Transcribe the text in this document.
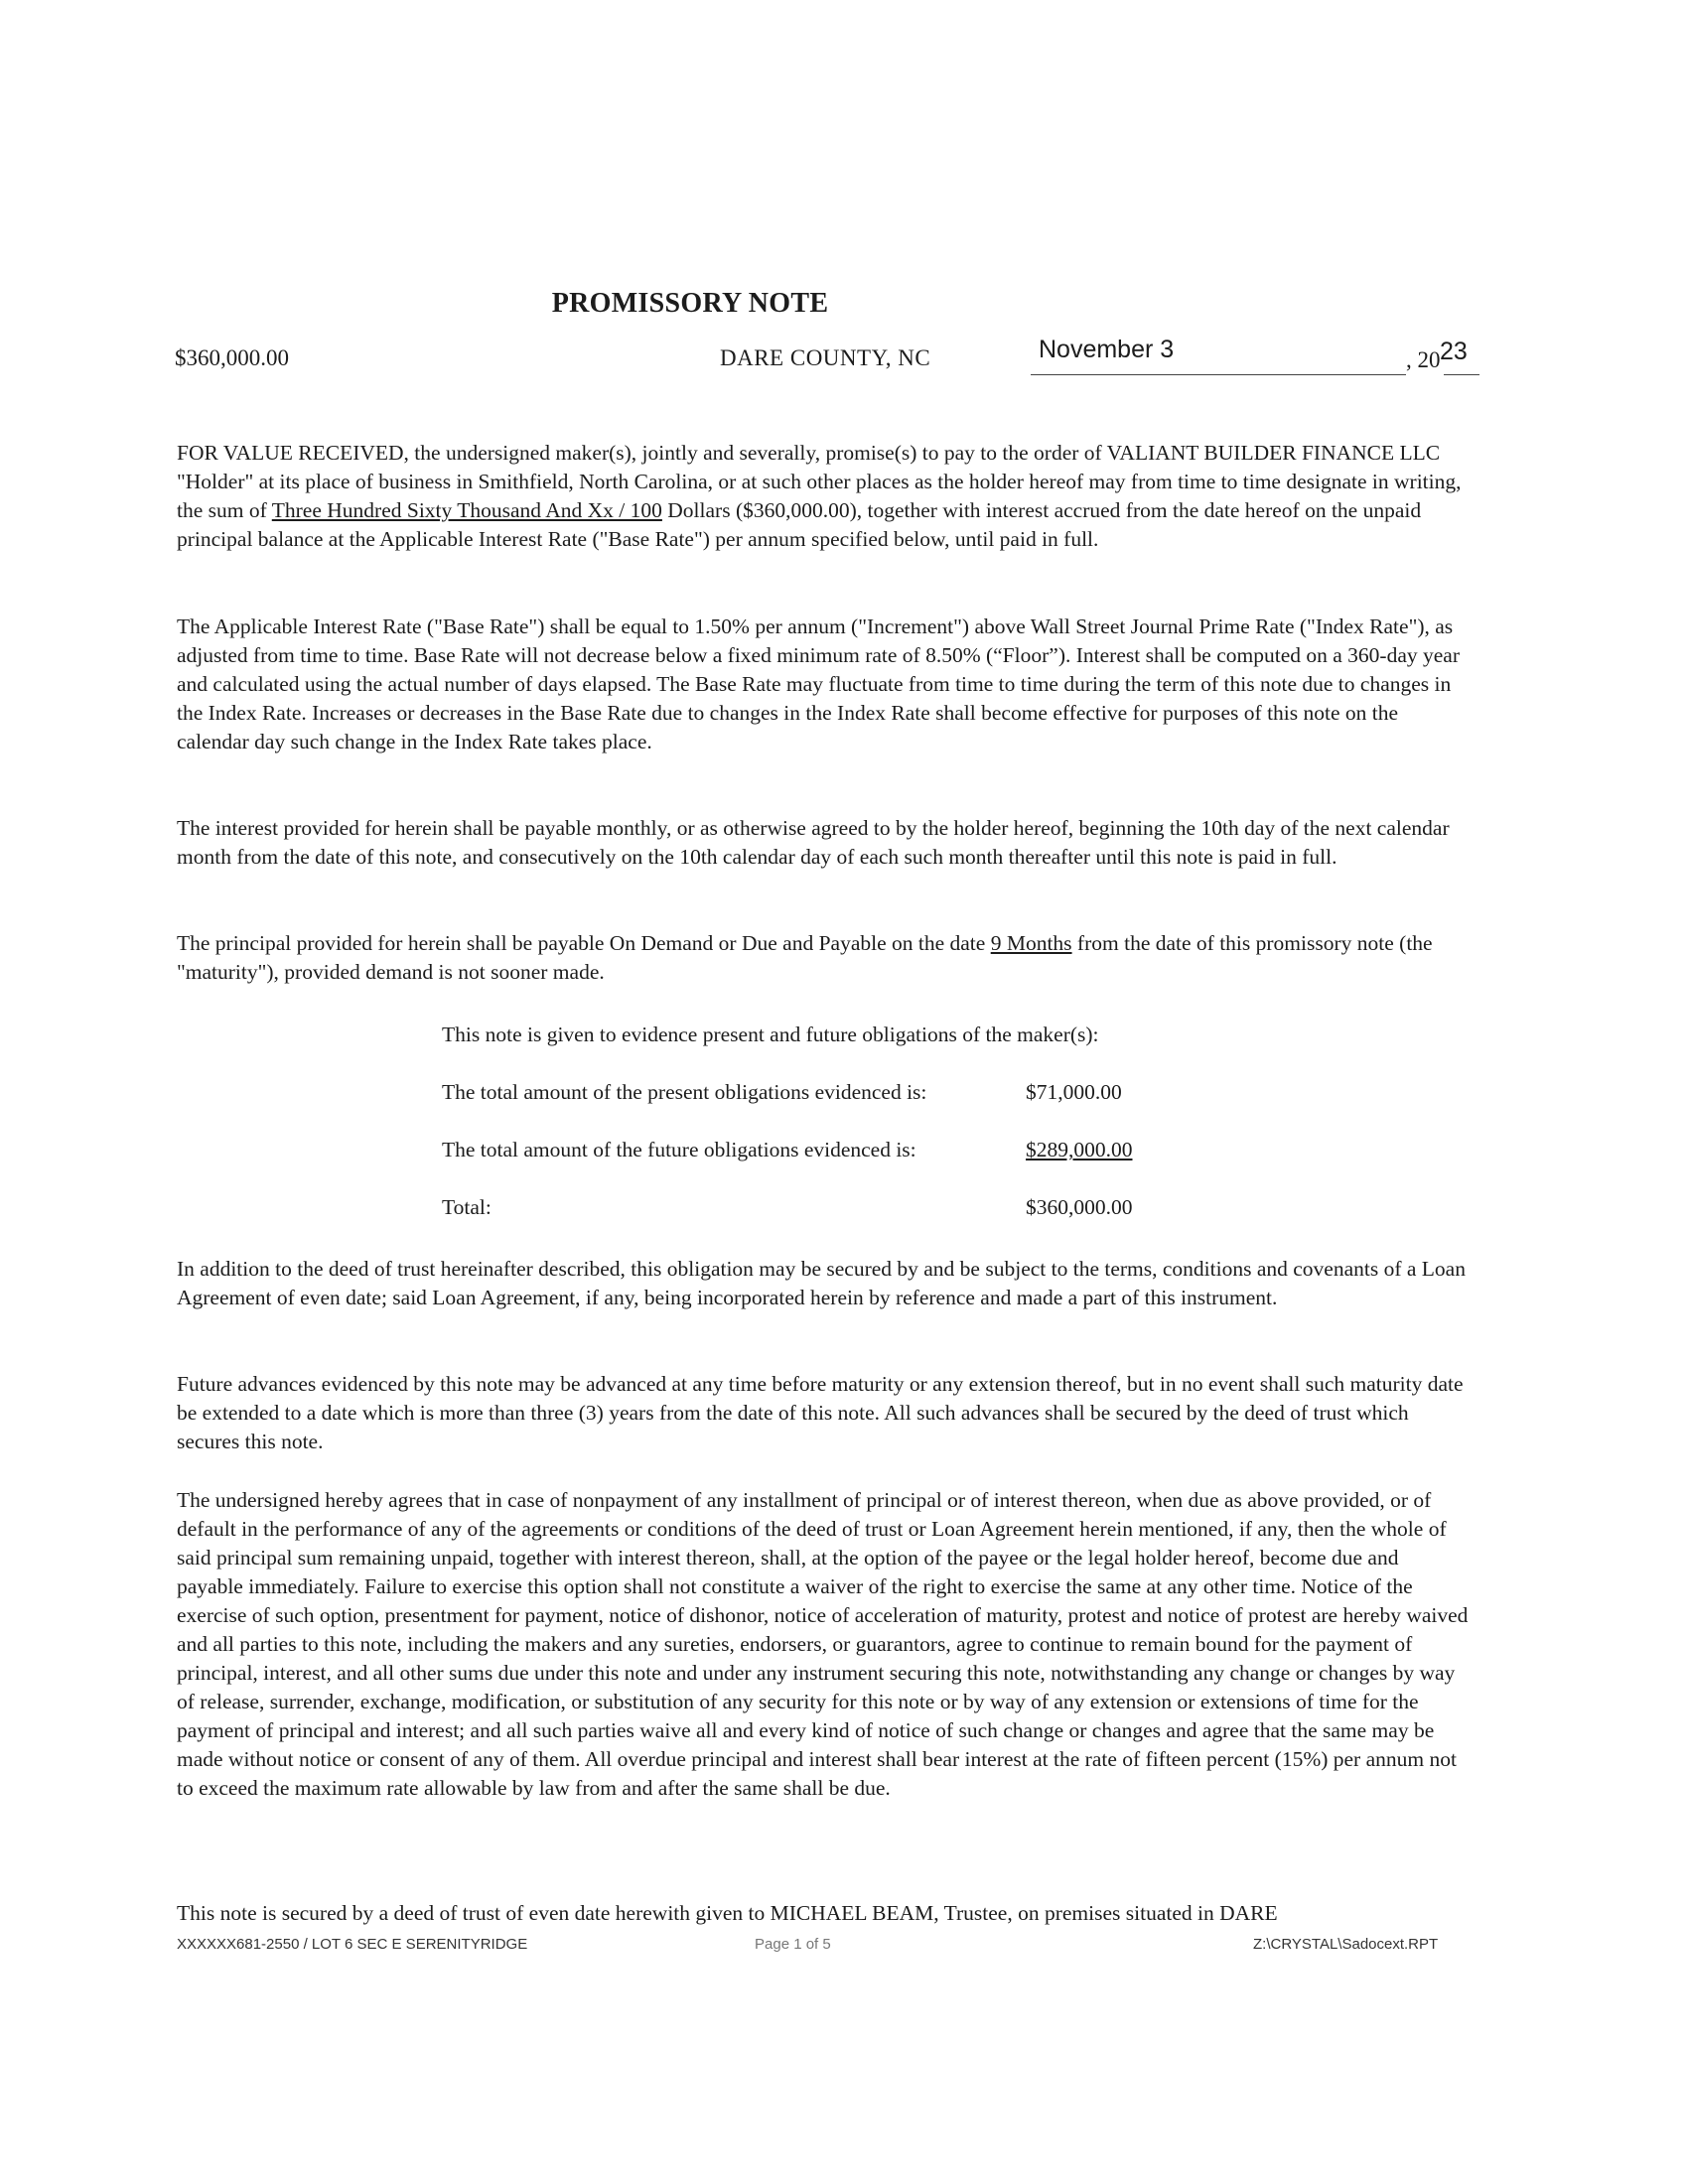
PROMISSORY NOTE
$360,000.00	DARE COUNTY, NC	November 3	, 20 23
FOR VALUE RECEIVED, the undersigned maker(s), jointly and severally, promise(s) to pay to the order of VALIANT BUILDER FINANCE LLC "Holder" at its place of business in Smithfield, North Carolina, or at such other places as the holder hereof may from time to time designate in writing, the sum of Three Hundred Sixty Thousand And Xx / 100 Dollars ($360,000.00), together with interest accrued from the date hereof on the unpaid principal balance at the Applicable Interest Rate ("Base Rate") per annum specified below, until paid in full.
The Applicable Interest Rate ("Base Rate") shall be equal to 1.50% per annum ("Increment") above Wall Street Journal Prime Rate ("Index Rate"), as adjusted from time to time. Base Rate will not decrease below a fixed minimum rate of 8.50% (“Floor”). Interest shall be computed on a 360-day year and calculated using the actual number of days elapsed. The Base Rate may fluctuate from time to time during the term of this note due to changes in the Index Rate. Increases or decreases in the Base Rate due to changes in the Index Rate shall become effective for purposes of this note on the calendar day such change in the Index Rate takes place.
The interest provided for herein shall be payable monthly, or as otherwise agreed to by the holder hereof, beginning the 10th day of the next calendar month from the date of this note, and consecutively on the 10th calendar day of each such month thereafter until this note is paid in full.
The principal provided for herein shall be payable On Demand or Due and Payable on the date 9 Months from the date of this promissory note (the "maturity"), provided demand is not sooner made.
This note is given to evidence present and future obligations of the maker(s):
The total amount of the present obligations evidenced is:	$71,000.00
The total amount of the future obligations evidenced is:	$289,000.00
Total:	$360,000.00
In addition to the deed of trust hereinafter described, this obligation may be secured by and be subject to the terms, conditions and covenants of a Loan Agreement of even date; said Loan Agreement, if any, being incorporated herein by reference and made a part of this instrument.
Future advances evidenced by this note may be advanced at any time before maturity or any extension thereof, but in no event shall such maturity date be extended to a date which is more than three (3) years from the date of this note. All such advances shall be secured by the deed of trust which secures this note.
The undersigned hereby agrees that in case of nonpayment of any installment of principal or of interest thereon, when due as above provided, or of default in the performance of any of the agreements or conditions of the deed of trust or Loan Agreement herein mentioned, if any, then the whole of said principal sum remaining unpaid, together with interest thereon, shall, at the option of the payee or the legal holder hereof, become due and payable immediately. Failure to exercise this option shall not constitute a waiver of the right to exercise the same at any other time. Notice of the exercise of such option, presentment for payment, notice of dishonor, notice of acceleration of maturity, protest and notice of protest are hereby waived and all parties to this note, including the makers and any sureties, endorsers, or guarantors, agree to continue to remain bound for the payment of principal, interest, and all other sums due under this note and under any instrument securing this note, notwithstanding any change or changes by way of release, surrender, exchange, modification, or substitution of any security for this note or by way of any extension or extensions of time for the payment of principal and interest; and all such parties waive all and every kind of notice of such change or changes and agree that the same may be made without notice or consent of any of them. All overdue principal and interest shall bear interest at the rate of fifteen percent (15%) per annum not to exceed the maximum rate allowable by law from and after the same shall be due.
This note is secured by a deed of trust of even date herewith given to MICHAEL BEAM, Trustee, on premises situated in DARE
XXXXXX681-2550 / LOT 6 SEC E SERENITYRIDGE	Page 1 of 5	Z:\CRYSTAL\Sadocext.RPT
